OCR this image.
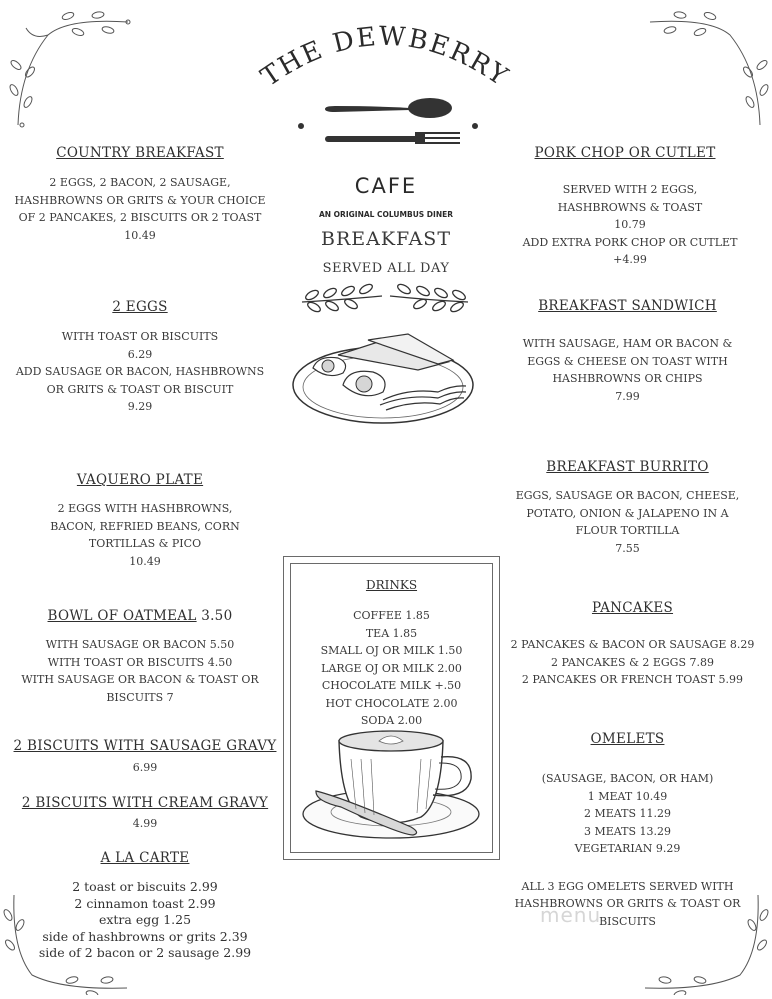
THE DEWBERRY
CAFE
AN ORIGINAL COLUMBUS DINER
BREAKFAST
SERVED ALL DAY
COUNTRY BREAKFAST
2 EGGS, 2 BACON, 2 SAUSAGE,
HASHBROWNS OR GRITS & YOUR CHOICE
OF 2 PANCAKES, 2 BISCUITS OR 2 TOAST
10.49
2 EGGS
WITH TOAST OR BISCUITS
6.29
ADD SAUSAGE OR BACON, HASHBROWNS
OR GRITS & TOAST OR BISCUIT
9.29
VAQUERO PLATE
2 EGGS WITH HASHBROWNS,
BACON, REFRIED BEANS, CORN
TORTILLAS & PICO
10.49
BOWL OF OATMEAL 3.50
WITH SAUSAGE OR BACON 5.50
WITH TOAST OR BISCUITS 4.50
WITH SAUSAGE OR BACON & TOAST OR
BISCUITS 7
2 BISCUITS WITH SAUSAGE GRAVY
6.99
2 BISCUITS WITH CREAM GRAVY
4.99
A LA CARTE
2 toast or biscuits 2.99
2 cinnamon toast 2.99
extra egg 1.25
side of hashbrowns or grits 2.39
side of 2 bacon or 2 sausage 2.99
DRINKS
COFFEE 1.85
TEA 1.85
SMALL OJ OR MILK 1.50
LARGE OJ OR MILK 2.00
CHOCOLATE MILK +.50
HOT CHOCOLATE 2.00
SODA 2.00
PORK CHOP OR CUTLET
SERVED WITH 2 EGGS,
HASHBROWNS & TOAST
10.79
ADD EXTRA PORK CHOP OR CUTLET
+4.99
BREAKFAST SANDWICH
WITH SAUSAGE, HAM OR BACON &
EGGS & CHEESE ON TOAST WITH
HASHBROWNS OR CHIPS
7.99
BREAKFAST BURRITO
EGGS, SAUSAGE OR BACON, CHEESE,
POTATO, ONION & JALAPENO IN A
FLOUR TORTILLA
7.55
PANCAKES
2 PANCAKES & BACON OR SAUSAGE 8.29
2 PANCAKES & 2 EGGS 7.89
2 PANCAKES OR FRENCH TOAST 5.99
OMELETS
(SAUSAGE, BACON, OR HAM)
1 MEAT 10.49
2 MEATS 11.29
3 MEATS 13.29
VEGETARIAN 9.29
ALL 3 EGG OMELETS SERVED WITH
HASHBROWNS OR GRITS & TOAST OR
BISCUITS
menu
